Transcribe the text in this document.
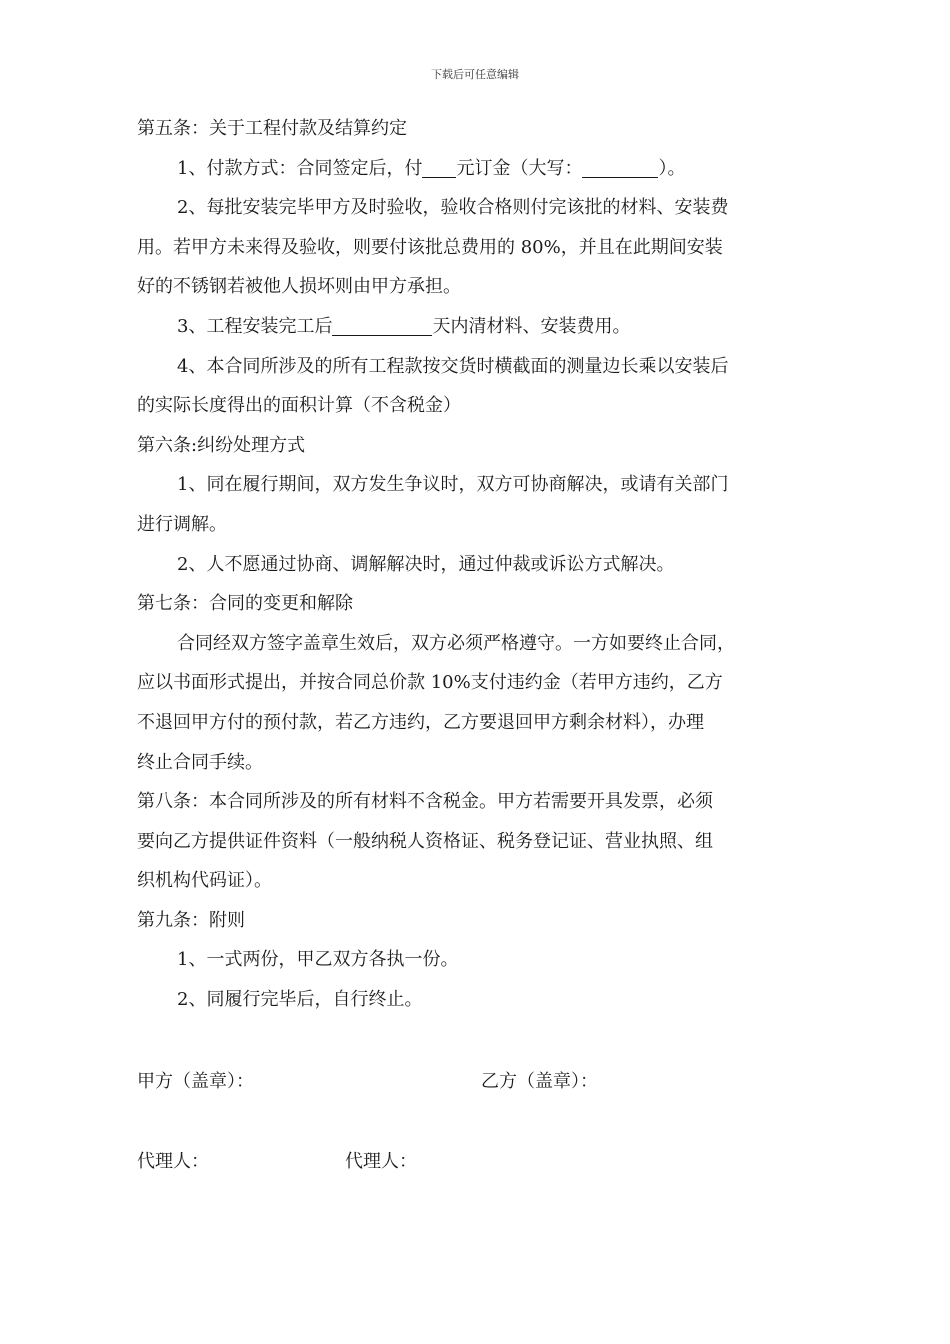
下载后可任意编辑
第五条：关于工程付款及结算约定
1、付款方式：合同签定后，付 元订金（大写：	）。
2、每批安装完毕甲方及时验收，验收合格则付完该批的材料、安装费
用。若甲方未来得及验收，则要付该批总费用的 80%，并且在此期间安装
好的不锈钢若被他人损坏则由甲方承担。
3、工程安装完工后	天内清材料、安装费用。
4、本合同所涉及的所有工程款按交货时横截面的测量边长乘以安装后
的实际长度得出的面积计算（不含税金）
第六条:纠纷处理方式
1、同在履行期间，双方发生争议时，双方可协商解决，或请有关部门
进行调解。
2、人不愿通过协商、调解解决时，通过仲裁或诉讼方式解决。
第七条：合同的变更和解除
合同经双方签字盖章生效后，双方必须严格遵守。一方如要终止合同，
应以书面形式提出，并按合同总价款 10%支付违约金（若甲方违约，乙方
不退回甲方付的预付款，若乙方违约，乙方要退回甲方剩余材料），办理
终止合同手续。
第八条：本合同所涉及的所有材料不含税金。甲方若需要开具发票，必须
要向乙方提供证件资料（一般纳税人资格证、税务登记证、营业执照、组
织机构代码证）。
第九条：附则
1、一式两份，甲乙双方各执一份。
2、同履行完毕后，自行终止。
甲方（盖章）：	乙方（盖章）：
代理人：	代理人：
